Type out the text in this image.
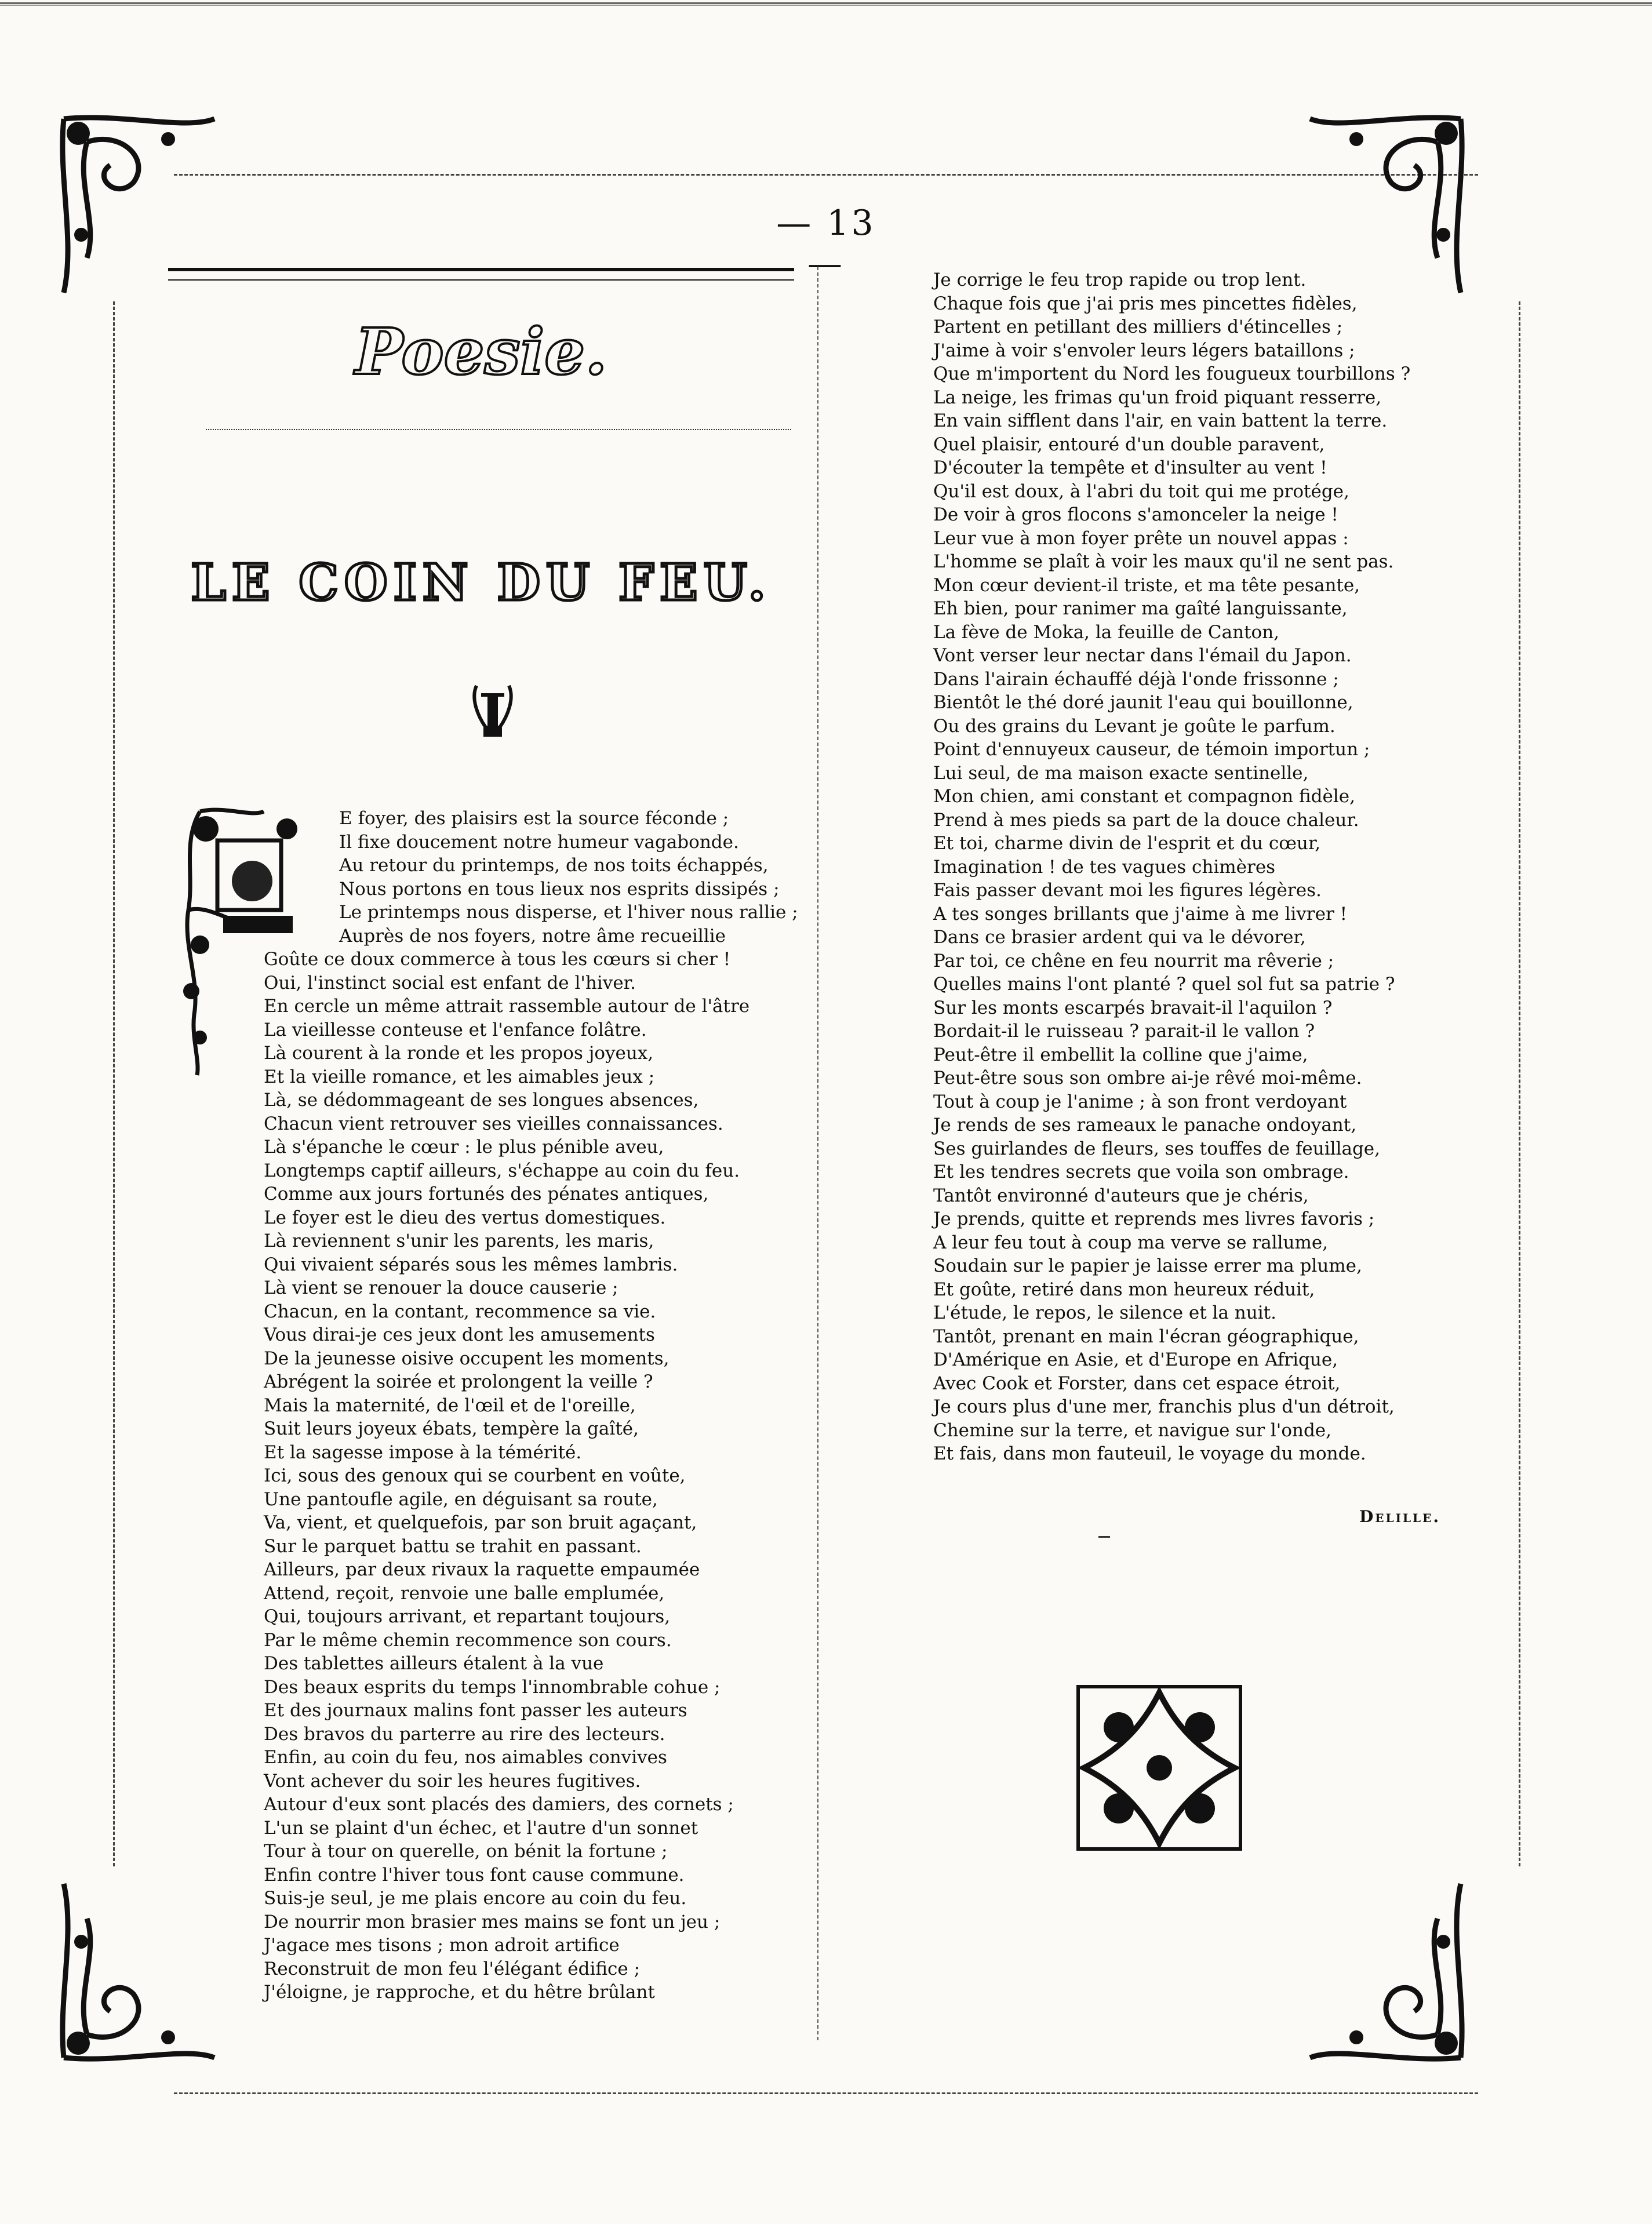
— 13 —
Poesie.
LE COIN DU FEU.
E foyer, des plaisirs est la source féconde ;
Il fixe doucement notre humeur vagabonde.
Au retour du printemps, de nos toits échappés,
Nous portons en tous lieux nos esprits dissipés ;
Le printemps nous disperse, et l'hiver nous rallie ;
Auprès de nos foyers, notre âme recueillie
Goûte ce doux commerce à tous les cœurs si cher !
Oui, l'instinct social est enfant de l'hiver.
En cercle un même attrait rassemble autour de l'âtre
La vieillesse conteuse et l'enfance folâtre.
Là courent à la ronde et les propos joyeux,
Et la vieille romance, et les aimables jeux ;
Là, se dédommageant de ses longues absences,
Chacun vient retrouver ses vieilles connaissances.
Là s'épanche le cœur : le plus pénible aveu,
Longtemps captif ailleurs, s'échappe au coin du feu.
Comme aux jours fortunés des pénates antiques,
Le foyer est le dieu des vertus domestiques.
Là reviennent s'unir les parents, les maris,
Qui vivaient séparés sous les mêmes lambris.
Là vient se renouer la douce causerie ;
Chacun, en la contant, recommence sa vie.
Vous dirai-je ces jeux dont les amusements
De la jeunesse oisive occupent les moments,
Abrégent la soirée et prolongent la veille ?
Mais la maternité, de l'œil et de l'oreille,
Suit leurs joyeux ébats, tempère la gaîté,
Et la sagesse impose à la témérité.
Ici, sous des genoux qui se courbent en voûte,
Une pantoufle agile, en déguisant sa route,
Va, vient, et quelquefois, par son bruit agaçant,
Sur le parquet battu se trahit en passant.
Ailleurs, par deux rivaux la raquette empaumée
Attend, reçoit, renvoie une balle emplumée,
Qui, toujours arrivant, et repartant toujours,
Par le même chemin recommence son cours.
Des tablettes ailleurs étalent à la vue
Des beaux esprits du temps l'innombrable cohue ;
Et des journaux malins font passer les auteurs
Des bravos du parterre au rire des lecteurs.
Enfin, au coin du feu, nos aimables convives
Vont achever du soir les heures fugitives.
Autour d'eux sont placés des damiers, des cornets ;
L'un se plaint d'un échec, et l'autre d'un sonnet
Tour à tour on querelle, on bénit la fortune ;
Enfin contre l'hiver tous font cause commune.
Suis-je seul, je me plais encore au coin du feu.
De nourrir mon brasier mes mains se font un jeu ;
J'agace mes tisons ; mon adroit artifice
Reconstruit de mon feu l'élégant édifice ;
J'éloigne, je rapproche, et du hêtre brûlant
Je corrige le feu trop rapide ou trop lent.
Chaque fois que j'ai pris mes pincettes fidèles,
Partent en petillant des milliers d'étincelles ;
J'aime à voir s'envoler leurs légers bataillons ;
Que m'importent du Nord les fougueux tourbillons ?
La neige, les frimas qu'un froid piquant resserre,
En vain sifflent dans l'air, en vain battent la terre.
Quel plaisir, entouré d'un double paravent,
D'écouter la tempête et d'insulter au vent !
Qu'il est doux, à l'abri du toit qui me protége,
De voir à gros flocons s'amonceler la neige !
Leur vue à mon foyer prête un nouvel appas :
L'homme se plaît à voir les maux qu'il ne sent pas.
Mon cœur devient-il triste, et ma tête pesante,
Eh bien, pour ranimer ma gaîté languissante,
La fève de Moka, la feuille de Canton,
Vont verser leur nectar dans l'émail du Japon.
Dans l'airain échauffé déjà l'onde frissonne ;
Bientôt le thé doré jaunit l'eau qui bouillonne,
Ou des grains du Levant je goûte le parfum.
Point d'ennuyeux causeur, de témoin importun ;
Lui seul, de ma maison exacte sentinelle,
Mon chien, ami constant et compagnon fidèle,
Prend à mes pieds sa part de la douce chaleur.
Et toi, charme divin de l'esprit et du cœur,
Imagination ! de tes vagues chimères
Fais passer devant moi les figures légères.
A tes songes brillants que j'aime à me livrer !
Dans ce brasier ardent qui va le dévorer,
Par toi, ce chêne en feu nourrit ma rêverie ;
Quelles mains l'ont planté ? quel sol fut sa patrie ?
Sur les monts escarpés bravait-il l'aquilon ?
Bordait-il le ruisseau ? parait-il le vallon ?
Peut-être il embellit la colline que j'aime,
Peut-être sous son ombre ai-je rêvé moi-même.
Tout à coup je l'anime ; à son front verdoyant
Je rends de ses rameaux le panache ondoyant,
Ses guirlandes de fleurs, ses touffes de feuillage,
Et les tendres secrets que voila son ombrage.
Tantôt environné d'auteurs que je chéris,
Je prends, quitte et reprends mes livres favoris ;
A leur feu tout à coup ma verve se rallume,
Soudain sur le papier je laisse errer ma plume,
Et goûte, retiré dans mon heureux réduit,
L'étude, le repos, le silence et la nuit.
Tantôt, prenant en main l'écran géographique,
D'Amérique en Asie, et d'Europe en Afrique,
Avec Cook et Forster, dans cet espace étroit,
Je cours plus d'une mer, franchis plus d'un détroit,
Chemine sur la terre, et navigue sur l'onde,
Et fais, dans mon fauteuil, le voyage du monde.
Delille.
